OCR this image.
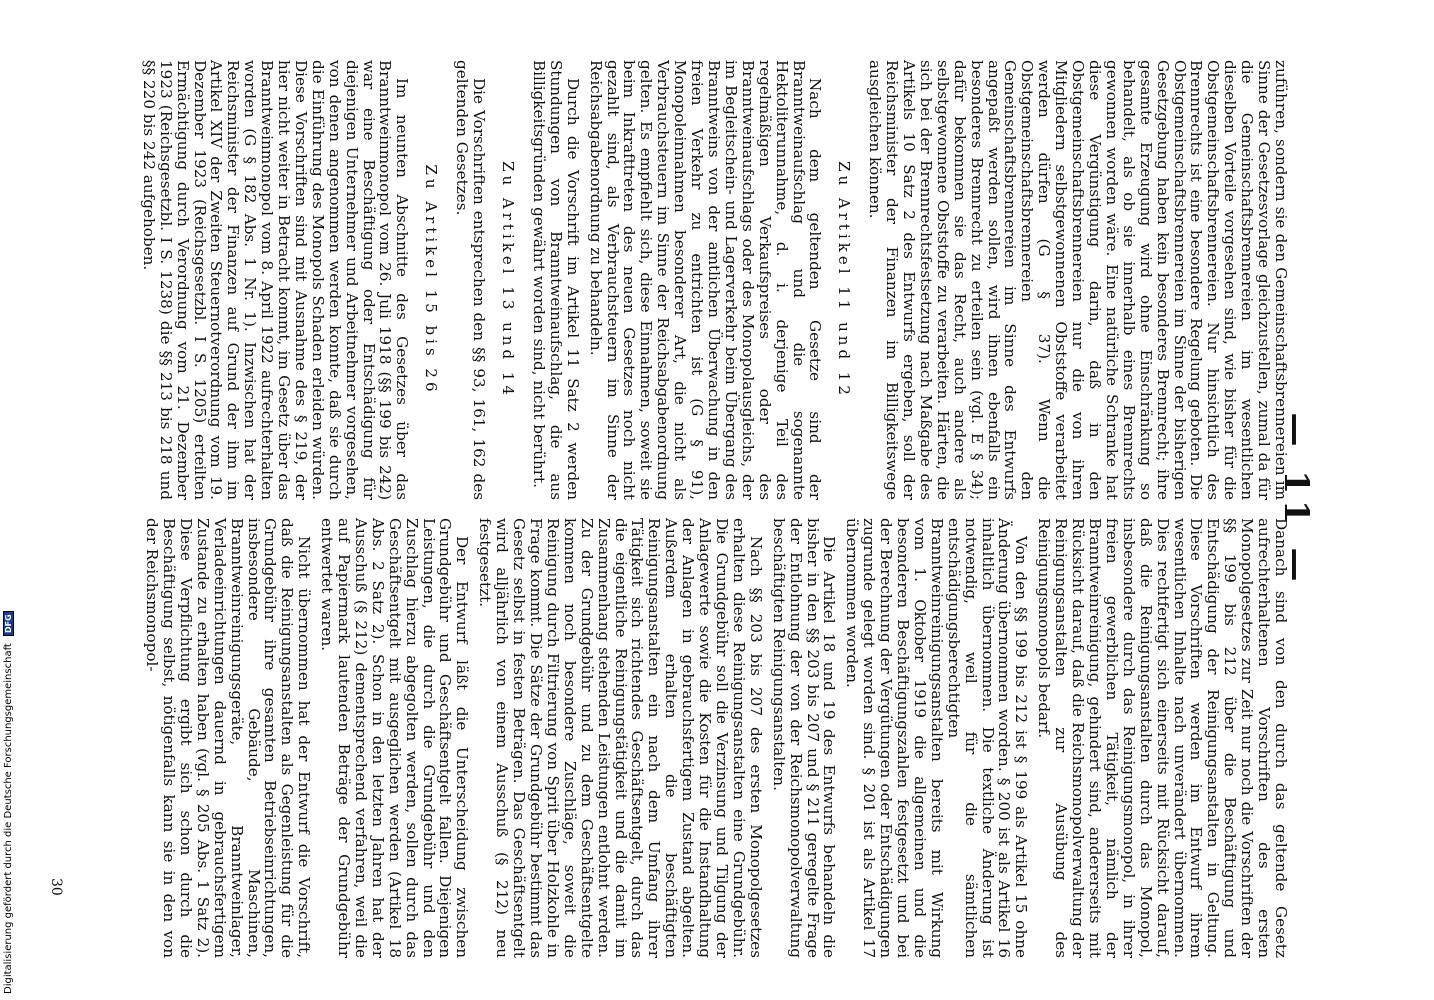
— 11 —

zuführen, sondern sie den Gemeinschaftsbrennereien im Sinne der Gesetzesvorlage gleichzustellen, zumal da für die Gemeinschaftsbrennereien im wesentlichen dieselben Vorteile vorgesehen sind, wie bisher für die Obstgemeinschaftsbrennereien. Nur hinsichtlich des Brennrechts ist eine besondere Regelung geboten. Die Obstgemeinschaftsbrennereien im Sinne der bisherigen Gesetzgebung haben kein besonderes Brennrecht; ihre gesamte Erzeugung wird ohne Einschränkung so behandelt, als ob sie innerhalb eines Brennrechts gewonnen worden wäre. Eine natürliche Schranke hat diese Vergünstigung darin, daß in den Obstgemeinschaftsbrennereien nur die von ihren Mitgliedern selbstgewonnenen Obststoffe verarbeitet werden dürfen (G § 37). Wenn die Obstgemeinschaftsbrennereien den Gemeinschaftsbrennereien im Sinne des Entwurfs angepaßt werden sollen, wird ihnen ebenfalls ein besonderes Brennrecht zu erteilen sein (vgl. E § 34); dafür bekommen sie das Recht, auch andere als selbstgewonnene Obststoffe zu verarbeiten. Härten, die sich bei der Brennrechtsfestsetzung nach Maßgabe des Artikels 10 Satz 2 des Entwurfs ergeben, soll der Reichsminister der Finanzen im Billigkeitswege ausgleichen können.

Zu Artikel 11 und 12

Nach dem geltenden Gesetze sind der Branntweinaufschlag und die sogenannte Hektoliterunnahme, d. i. derjenige Teil des regelmäßigen Verkaufspreises oder des Branntweinaufschlags oder des Monopolausgleichs, der im Begleitschein- und Lagerverkehr beim Übergang des Branntweins von der amtlichen Überwachung in den freien Verkehr zu entrichten ist (G § 91), Monopoleinnahmen besonderer Art, die nicht als Verbrauchsteuern im Sinne der Reichsabgabenordnung gelten. Es empfiehlt sich, diese Einnahmen, soweit sie beim Inkrafttreten des neuen Gesetzes noch nicht gezahlt sind, als Verbrauchsteuern im Sinne der Reichsabgabenordnung zu behandeln.

Durch die Vorschrift im Artikel 11 Satz 2 werden Stundungen von Branntweinaufschlag, die aus Billigkeitsgründen gewährt worden sind, nicht berührt.

Zu Artikel 13 und 14

Die Vorschriften entsprechen den §§ 93, 161, 162 des geltenden Gesetzes.

Zu Artikel 15 bis 26

Im neunten Abschnitte des Gesetzes über das Branntweinmonopol vom 26. Juli 1918 (§§ 199 bis 242) war eine Beschäftigung oder Entschädigung für diejenigen Unternehmer und Arbeitnehmer vorgesehen, von denen angenommen werden konnte, daß sie durch die Einführung des Monopols Schaden erleiden würden. Diese Vorschriften sind mit Ausnahme des § 219, der hier nicht weiter in Betracht kommt, im Gesetz über das Branntweinmonopol vom 8. April 1922 aufrechterhalten worden (G § 182 Abs. 1 Nr. 1). Inzwischen hat der Reichsminister der Finanzen auf Grund der ihm im Artikel XIV der Zweiten Steuernotverordnung vom 19. Dezember 1923 (Reichsgesetzbl. I S. 1205) erteilten Ermächtigung durch Verordnung vom 21. Dezember 1923 (Reichsgesetzbl. I S. 1238) die §§ 213 bis 218 und §§ 220 bis 242 aufgehoben.

Danach sind von den durch das geltende Gesetz aufrechterhaltenen Vorschriften des ersten Monopolgesetzes zur Zeit nur noch die Vorschriften der §§ 199 bis 212 über die Beschäftigung und Entschädigung der Reinigungsanstalten in Geltung. Diese Vorschriften werden im Entwurf ihrem wesentlichen Inhalte nach unverändert übernommen. Dies rechtfertigt sich einerseits mit Rücksicht darauf, daß die Reinigungsanstalten durch das Monopol, insbesondere durch das Reinigungsmonopol, in ihrer freien gewerblichen Tätigkeit, nämlich der Branntweinreinigung, gehindert sind, andererseits mit Rücksicht darauf, daß die Reichsmonopolverwaltung der Reinigungsanstalten zur Ausübung des Reinigungsmonopols bedarf.

Von den §§ 199 bis 212 ist § 199 als Artikel 15 ohne Änderung übernommen worden. § 200 ist als Artikel 16 inhaltlich übernommen. Die textliche Änderung ist notwendig, weil für die sämtlichen entschädigungsberechtigten Branntweinreinigungsanstalten bereits mit Wirkung vom 1. Oktober 1919 die allgemeinen und die besonderen Beschäftigungszahlen festgesetzt und bei der Berechnung der Vergütungen oder Entschädigungen zugrunde gelegt worden sind. § 201 ist als Artikel 17 übernommen worden.

Die Artikel 18 und 19 des Entwurfs behandeln die bisher in den §§ 203 bis 207 und § 211 geregelte Frage der Entlohnung der von der Reichsmonopolverwaltung beschäftigten Reinigungsanstalten.

Nach §§ 203 bis 207 des ersten Monopolgesetzes erhalten diese Reinigungsanstalten eine Grundgebühr. Die Grundgebühr soll die Verzinsung und Tilgung der Anlagewerte sowie die Kosten für die Instandhaltung der Anlagen in gebrauchsfertigem Zustand abgelten. Außerdem erhalten die beschäftigten Reinigungsanstalten ein nach dem Umfang ihrer Tätigkeit sich richtendes Geschäftsentgelt, durch das die eigentliche Reinigungstätigkeit und die damit im Zusammenhang stehenden Leistungen entlohnt werden. Zu der Grundgebühr und zu dem Geschäftsentgelte kommen noch besondere Zuschläge, soweit die Reinigung durch Filtrierung von Sprit über Holzkohle in Frage kommt. Die Sätze der Grundgebühr bestimmt das Gesetz selbst in festen Beträgen. Das Geschäftsentgelt wird alljährlich von einem Ausschuß (§ 212) neu festgesetzt.

Der Entwurf läßt die Unterscheidung zwischen Grundgebühr und Geschäftsentgelt fallen. Diejenigen Leistungen, die durch die Grundgebühr und den Zuschlag hierzu abgegolten werden, sollen durch das Geschäftsentgelt mit ausgeglichen werden (Artikel 18 Abs. 2 Satz 2). Schon in den letzten Jahren hat der Ausschuß (§ 212) dementsprechend verfahren, weil die auf Papiermark lautenden Beträge der Grundgebühr entwertet waren.

Nicht übernommen hat der Entwurf die Vorschrift, daß die Reinigungsanstalten als Gegenleistung für die Grundgebühr ihre gesamten Betriebseinrichtungen, insbesondere Gebäude, Maschinen, Branntweinreinigungsgeräte, Branntweinlager, Verladeeinrichtungen dauernd in gebrauchsfertigem Zustande zu erhalten haben (vgl. § 205 Abs. 1 Satz 2). Diese Verpflichtung ergibt sich schon durch die Beschäftigung selbst, nötigenfalls kann sie in den von der Reichsmonopol-

30
Digitalisierung gefördert durch die Deutsche Forschungsgemeinschaft DFG
